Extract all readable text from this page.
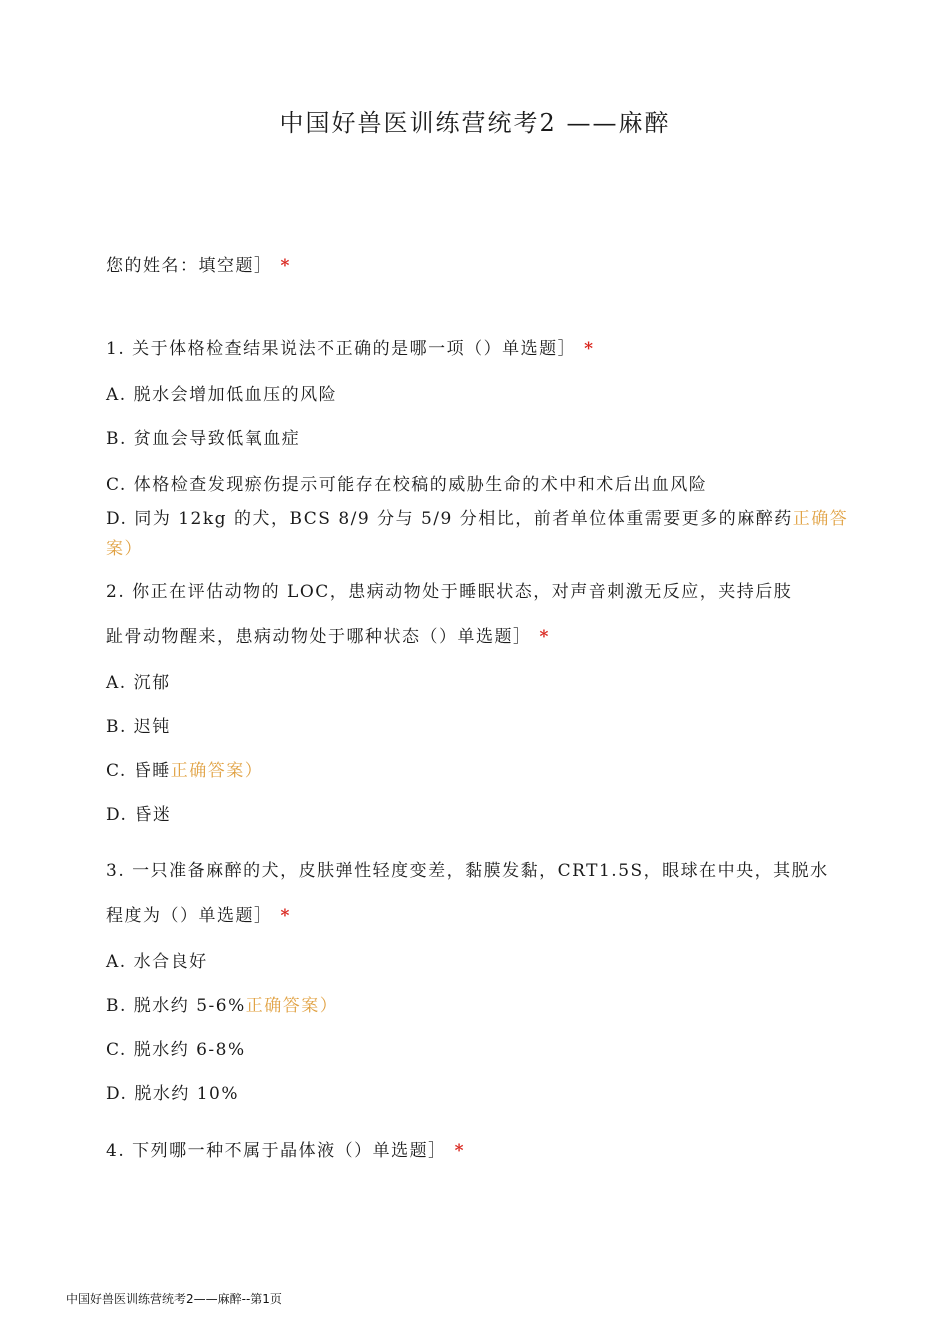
中国好兽医训练营统考2 ——麻醉
您的姓名：填空题］ *
1. 关于体格检查结果说法不正确的是哪一项（）单选题］ *
A. 脱水会增加低血压的风险
B. 贫血会导致低氧血症
C. 体格检查发现瘀伤提示可能存在校稿的威胁生命的术中和术后出血风险
D. 同为 12kg 的犬，BCS 8/9 分与 5/9 分相比，前者单位体重需要更多的麻醉药正确答
案）
2. 你正在评估动物的 LOC，患病动物处于睡眠状态，对声音刺激无反应，夹持后肢
趾骨动物醒来，患病动物处于哪种状态（）单选题］ *
A. 沉郁
B. 迟钝
C. 昏睡正确答案）
D. 昏迷
3. 一只准备麻醉的犬，皮肤弹性轻度变差，黏膜发黏，CRT1.5S，眼球在中央，其脱水
程度为（）单选题］ *
A. 水合良好
B. 脱水约 5-6%正确答案）
C. 脱水约 6-8%
D. 脱水约 10%
4. 下列哪一种不属于晶体液（）单选题］ *
中国好兽医训练营统考2——麻醉--第1页
